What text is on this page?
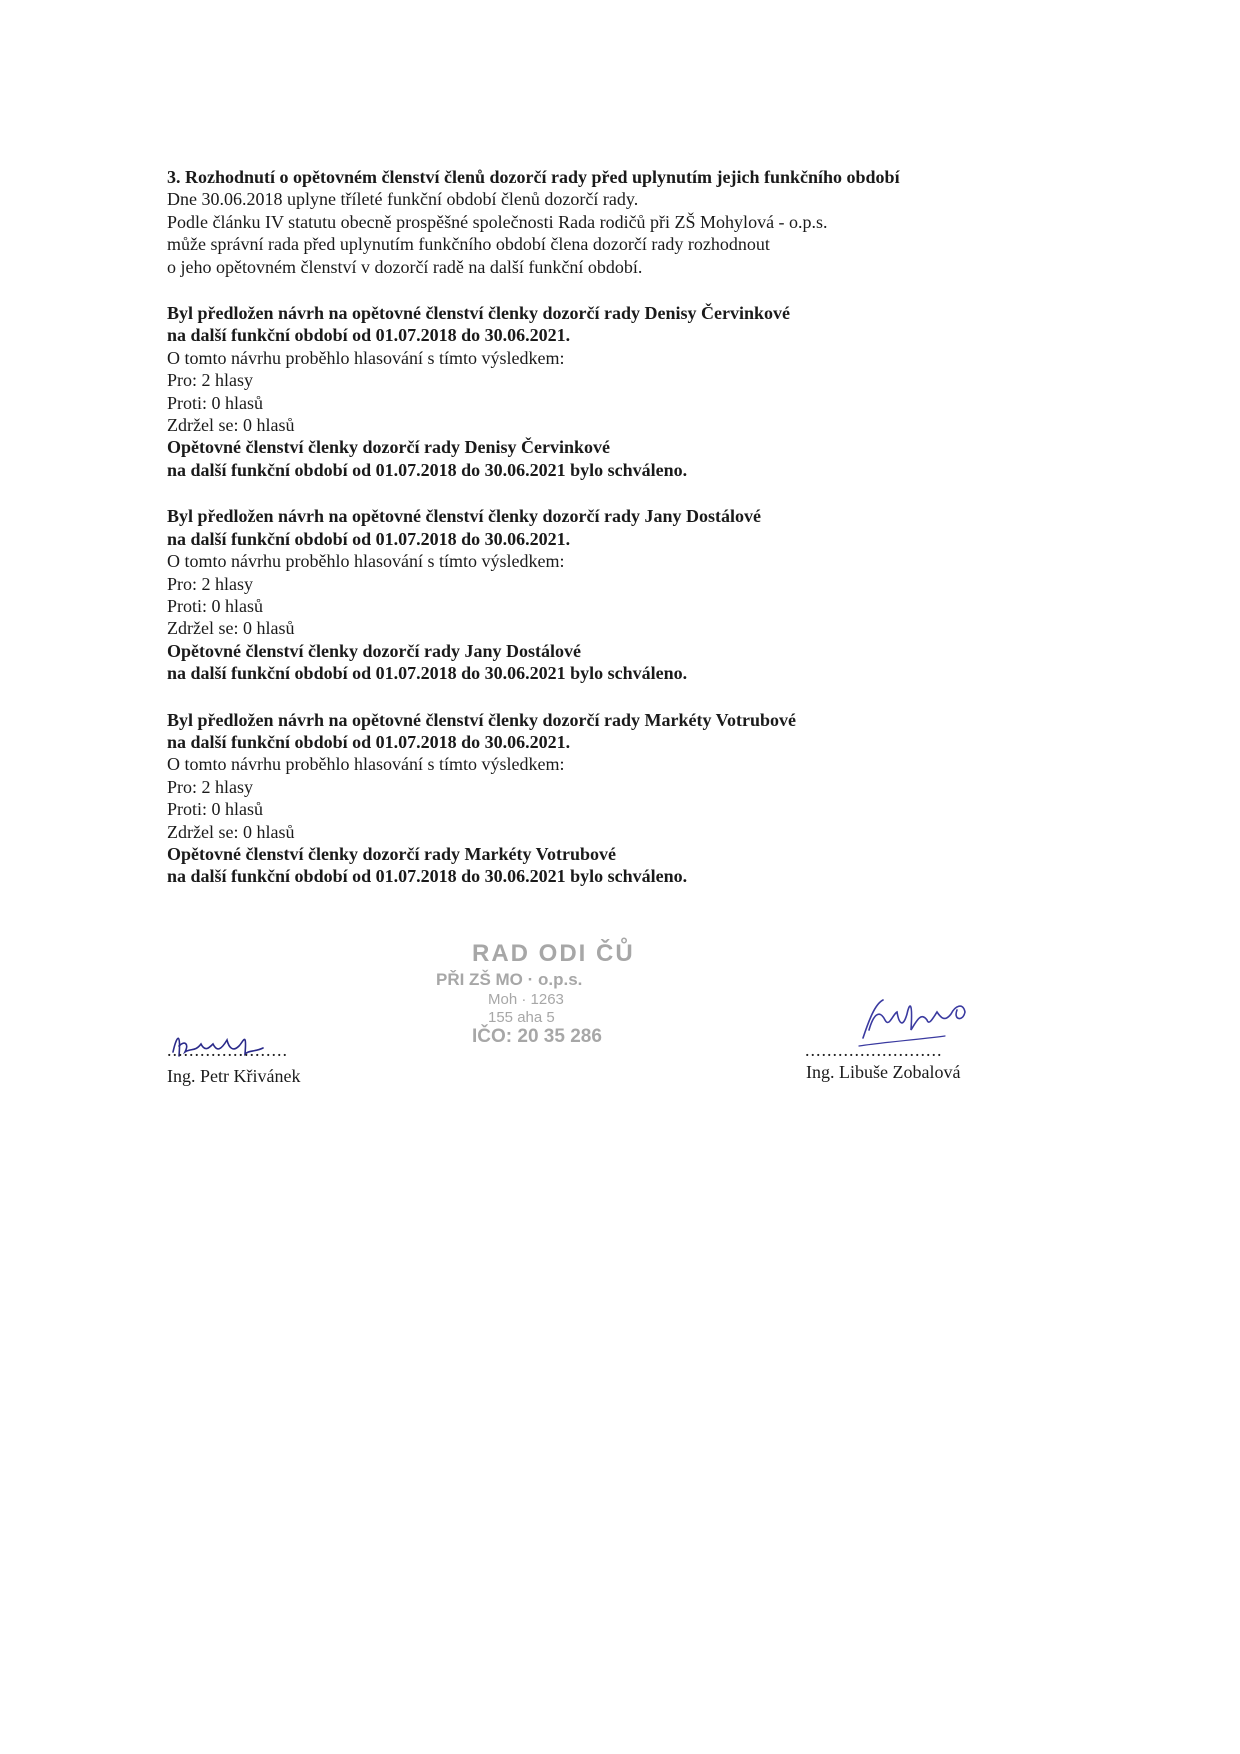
3. Rozhodnutí o opětovném členství členů dozorčí rady před uplynutím jejich funkčního období
Dne 30.06.2018 uplyne tříleté funkční období členů dozorčí rady.
Podle článku IV statutu obecně prospěšné společnosti Rada rodičů při ZŠ Mohylová - o.p.s.
může správní rada před uplynutím funkčního období člena dozorčí rady rozhodnout
o jeho opětovném členství v dozorčí radě na další funkční období.
Byl předložen návrh na opětovné členství členky dozorčí rady Denisy Červinkové
na další funkční období od 01.07.2018 do 30.06.2021.
O tomto návrhu proběhlo hlasování s tímto výsledkem:
Pro: 2 hlasy
Proti: 0 hlasů
Zdržel se: 0 hlasů
Opětovné členství členky dozorčí rady Denisy Červinkové
na další funkční období od 01.07.2018 do 30.06.2021 bylo schváleno.
Byl předložen návrh na opětovné členství členky dozorčí rady Jany Dostálové
na další funkční období od 01.07.2018 do 30.06.2021.
O tomto návrhu proběhlo hlasování s tímto výsledkem:
Pro: 2 hlasy
Proti: 0 hlasů
Zdržel se: 0 hlasů
Opětovné členství členky dozorčí rady Jany Dostálové
na další funkční období od 01.07.2018 do 30.06.2021 bylo schváleno.
Byl předložen návrh na opětovné členství členky dozorčí rady Markéty Votrubové
na další funkční období od 01.07.2018 do 30.06.2021.
O tomto návrhu proběhlo hlasování s tímto výsledkem:
Pro: 2 hlasy
Proti: 0 hlasů
Zdržel se: 0 hlasů
Opětovné členství členky dozorčí rady Markéty Votrubové
na další funkční období od 01.07.2018 do 30.06.2021 bylo schváleno.
RAD ODI ČŮ
PŘI ZŠ MO · o.p.s.
Moh · 1263
155 aha 5
IČO: 20 35 286
......................
Ing. Petr Křivánek
.........................
Ing. Libuše Zobalová
